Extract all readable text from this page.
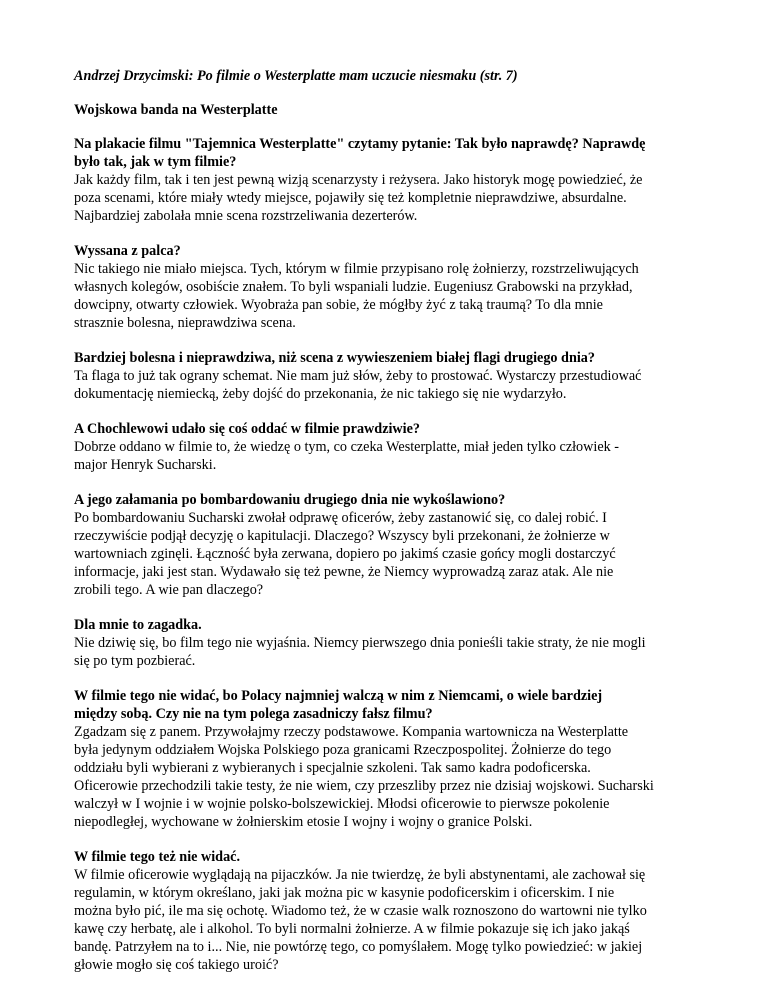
Andrzej Drzycimski: Po filmie o Westerplatte mam uczucie niesmaku (str. 7)

Wojskowa banda na Westerplatte

Na plakacie filmu "Tajemnica Westerplatte" czytamy pytanie: Tak było naprawdę? Naprawdę
było tak, jak w tym filmie?

Jak każdy film, tak i ten jest pewną wizją scenarzysty i reżysera. Jako historyk mogę powiedzieć, że
poza scenami, które miały wtedy miejsce, pojawiły się też kompletnie nieprawdziwe, absurdalne.
Najbardziej zabolała mnie scena rozstrzeliwania dezerterów.

Wyssana z palca?

Nic takiego nie miało miejsca. Tych, którym w filmie przypisano rolę żołnierzy, rozstrzeliwujących
własnych kolegów, osobiście znałem. To byli wspaniali ludzie. Eugeniusz Grabowski na przykład,
dowcipny, otwarty człowiek. Wyobraża pan sobie, że mógłby żyć z taką traumą? To dla mnie
strasznie bolesna, nieprawdziwa scena.

Bardziej bolesna i nieprawdziwa, niż scena z wywieszeniem białej flagi drugiego dnia?

Ta flaga to już tak ograny schemat. Nie mam już słów, żeby to prostować. Wystarczy przestudiować
dokumentację niemiecką, żeby dojść do przekonania, że nic takiego się nie wydarzyło.

A Chochlewowi udało się coś oddać w filmie prawdziwie?

Dobrze oddano w filmie to, że wiedzę o tym, co czeka Westerplatte, miał jeden tylko człowiek -
major Henryk Sucharski.

A jego załamania po bombardowaniu drugiego dnia nie wykoślawiono?

Po bombardowaniu Sucharski zwołał odprawę oficerów, żeby zastanowić się, co dalej robić. I
rzeczywiście podjął decyzję o kapitulacji. Dlaczego? Wszyscy byli przekonani, że żołnierze w
wartowniach zginęli. Łączność była zerwana, dopiero po jakimś czasie gońcy mogli dostarczyć
informacje, jaki jest stan. Wydawało się też pewne, że Niemcy wyprowadzą zaraz atak. Ale nie
zrobili tego. A wie pan dlaczego?

Dla mnie to zagadka.

Nie dziwię się, bo film tego nie wyjaśnia. Niemcy pierwszego dnia ponieśli takie straty, że nie mogli
się po tym pozbierać.

W filmie tego nie widać, bo Polacy najmniej walczą w nim z Niemcami, o wiele bardziej
między sobą. Czy nie na tym polega zasadniczy fałsz filmu?

Zgadzam się z panem. Przywołajmy rzeczy podstawowe. Kompania wartownicza na Westerplatte
była jedynym oddziałem Wojska Polskiego poza granicami Rzeczpospolitej. Żołnierze do tego
oddziału byli wybierani z wybieranych i specjalnie szkoleni. Tak samo kadra podoficerska.
Oficerowie przechodzili takie testy, że nie wiem, czy przeszliby przez nie dzisiaj wojskowi. Sucharski
walczył w I wojnie i w wojnie polsko-bolszewickiej. Młodsi oficerowie to pierwsze pokolenie
niepodległej, wychowane w żołnierskim etosie I wojny i wojny o granice Polski.

W filmie tego też nie widać.

W filmie oficerowie wyglądają na pijaczków. Ja nie twierdzę, że byli abstynentami, ale zachował się
regulamin, w którym określano, jaki jak można pic w kasynie podoficerskim i oficerskim. I nie
można było pić, ile ma się ochotę. Wiadomo też, że w czasie walk roznoszono do wartowni nie tylko
kawę czy herbatę, ale i alkohol. To byli normalni żołnierze. A w filmie pokazuje się ich jako jakąś
bandę. Patrzyłem na to i... Nie, nie powtórzę tego, co pomyślałem. Mogę tylko powiedzieć: w jakiej
głowie mogło się coś takiego uroić?
